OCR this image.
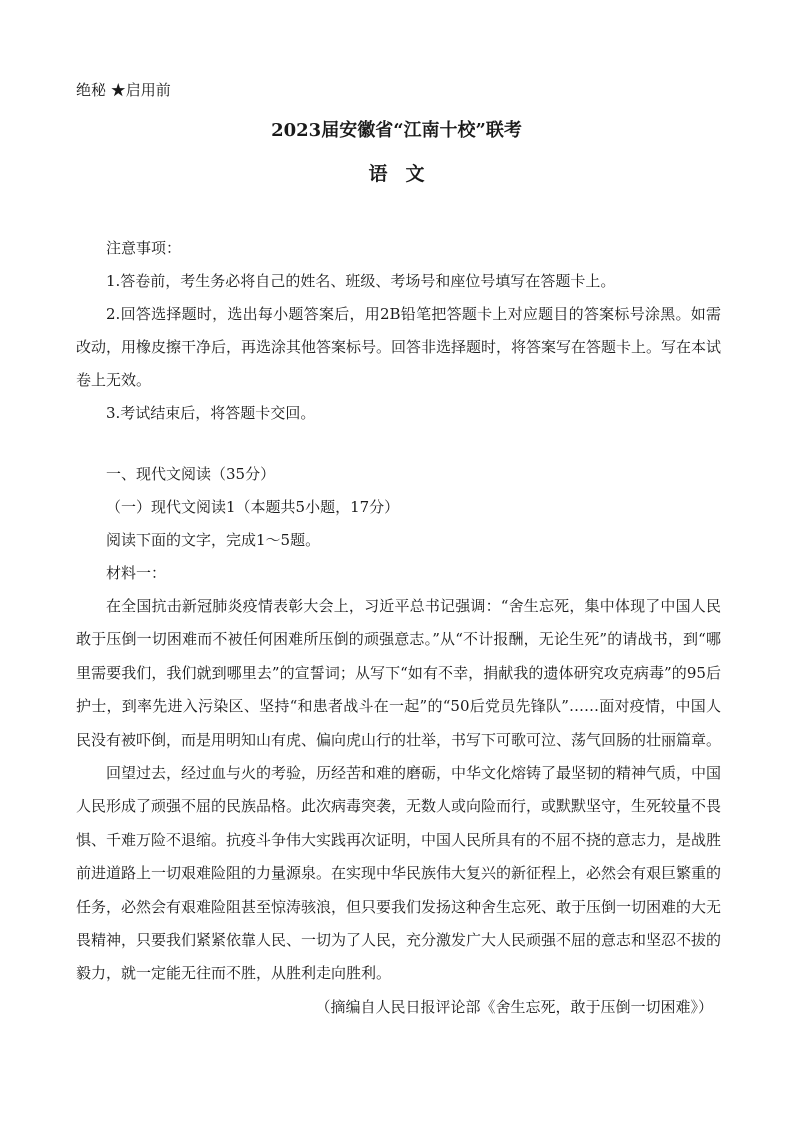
绝秘 ★启用前
2023届安徽省“江南十校”联考
语文

注意事项：

1.答卷前，考生务必将自己的姓名、班级、考场号和座位号填写在答题卡上。

2.回答选择题时，选出每小题答案后，用2B铅笔把答题卡上对应题目的答案标号涂黑。如需改动，用橡皮擦干净后，再选涂其他答案标号。回答非选择题时，将答案写在答题卡上。写在本试卷上无效。

3.考试结束后，将答题卡交回。

一、现代文阅读（35分）

（一）现代文阅读1（本题共5小题，17分）

阅读下面的文字，完成1～5题。

材料一：

在全国抗击新冠肺炎疫情表彰大会上，习近平总书记强调：“舍生忘死，集中体现了中国人民敢于压倒一切困难而不被任何困难所压倒的顽强意志。”从“不计报酬，无论生死”的请战书，到“哪里需要我们，我们就到哪里去”的宣誓词；从写下“如有不幸，捐献我的遗体研究攻克病毒”的95后护士，到率先进入污染区、坚持“和患者战斗在一起”的“50后党员先锋队”……面对疫情，中国人民没有被吓倒，而是用明知山有虎、偏向虎山行的壮举，书写下可歌可泣、荡气回肠的壮丽篇章。

回望过去，经过血与火的考验，历经苦和难的磨砺，中华文化熔铸了最坚韧的精神气质，中国人民形成了顽强不屈的民族品格。此次病毒突袭，无数人或向险而行，或默默坚守，生死较量不畏惧、千难万险不退缩。抗疫斗争伟大实践再次证明，中国人民所具有的不屈不挠的意志力，是战胜前进道路上一切艰难险阻的力量源泉。在实现中华民族伟大复兴的新征程上，必然会有艰巨繁重的任务，必然会有艰难险阻甚至惊涛骇浪，但只要我们发扬这种舍生忘死、敢于压倒一切困难的大无畏精神，只要我们紧紧依靠人民、一切为了人民，充分激发广大人民顽强不屈的意志和坚忍不拔的毅力，就一定能无往而不胜，从胜利走向胜利。

（摘编自人民日报评论部《舍生忘死，敢于压倒一切困难》）
